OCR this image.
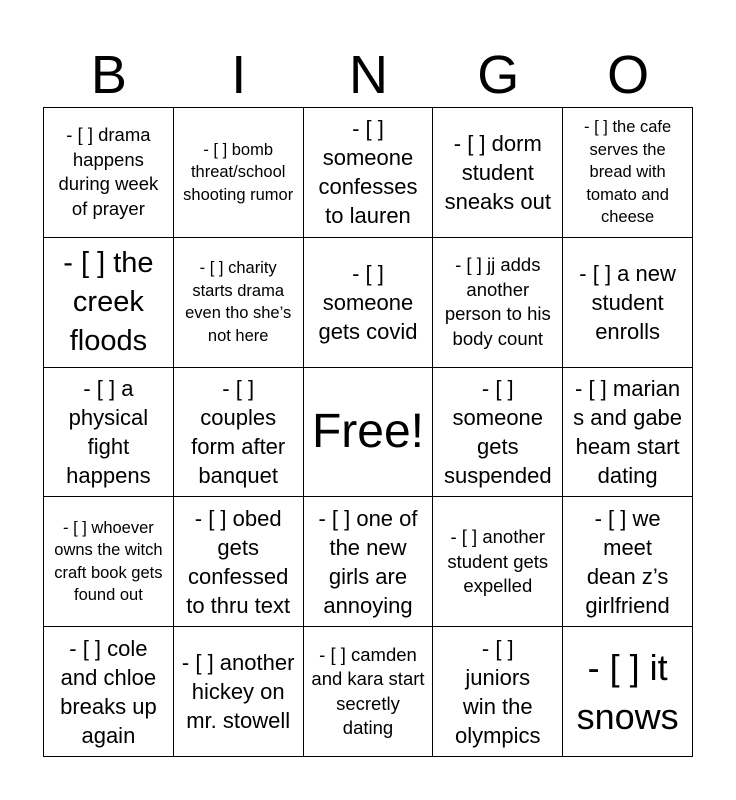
B	I	N	G	O
- [ ] drama happens during week of prayer
- [ ] bomb threat/school shooting rumor
- [ ] someone confesses to lauren
- [ ] dorm student sneaks out
- [ ] the cafe serves the bread with tomato and cheese
- [ ] the creek floods
- [ ] charity starts drama even tho she’s not here
- [ ] someone gets covid
- [ ] jj adds another person to his body count
- [ ] a new student enrolls
- [ ] a physical fight happens
- [ ] couples form after banquet
Free!
- [ ] someone gets suspended
- [ ] marian s and gabe heam start dating
- [ ] whoever owns the witch craft book gets found out
- [ ] obed gets confessed to thru text
- [ ] one of the new girls are annoying
- [ ] another student gets expelled
- [ ] we meet dean z’s girlfriend
- [ ] cole and chloe breaks up again
- [ ] another hickey on mr. stowell
- [ ] camden and kara start secretly dating
- [ ] juniors win the olympics
- [ ] it snows
